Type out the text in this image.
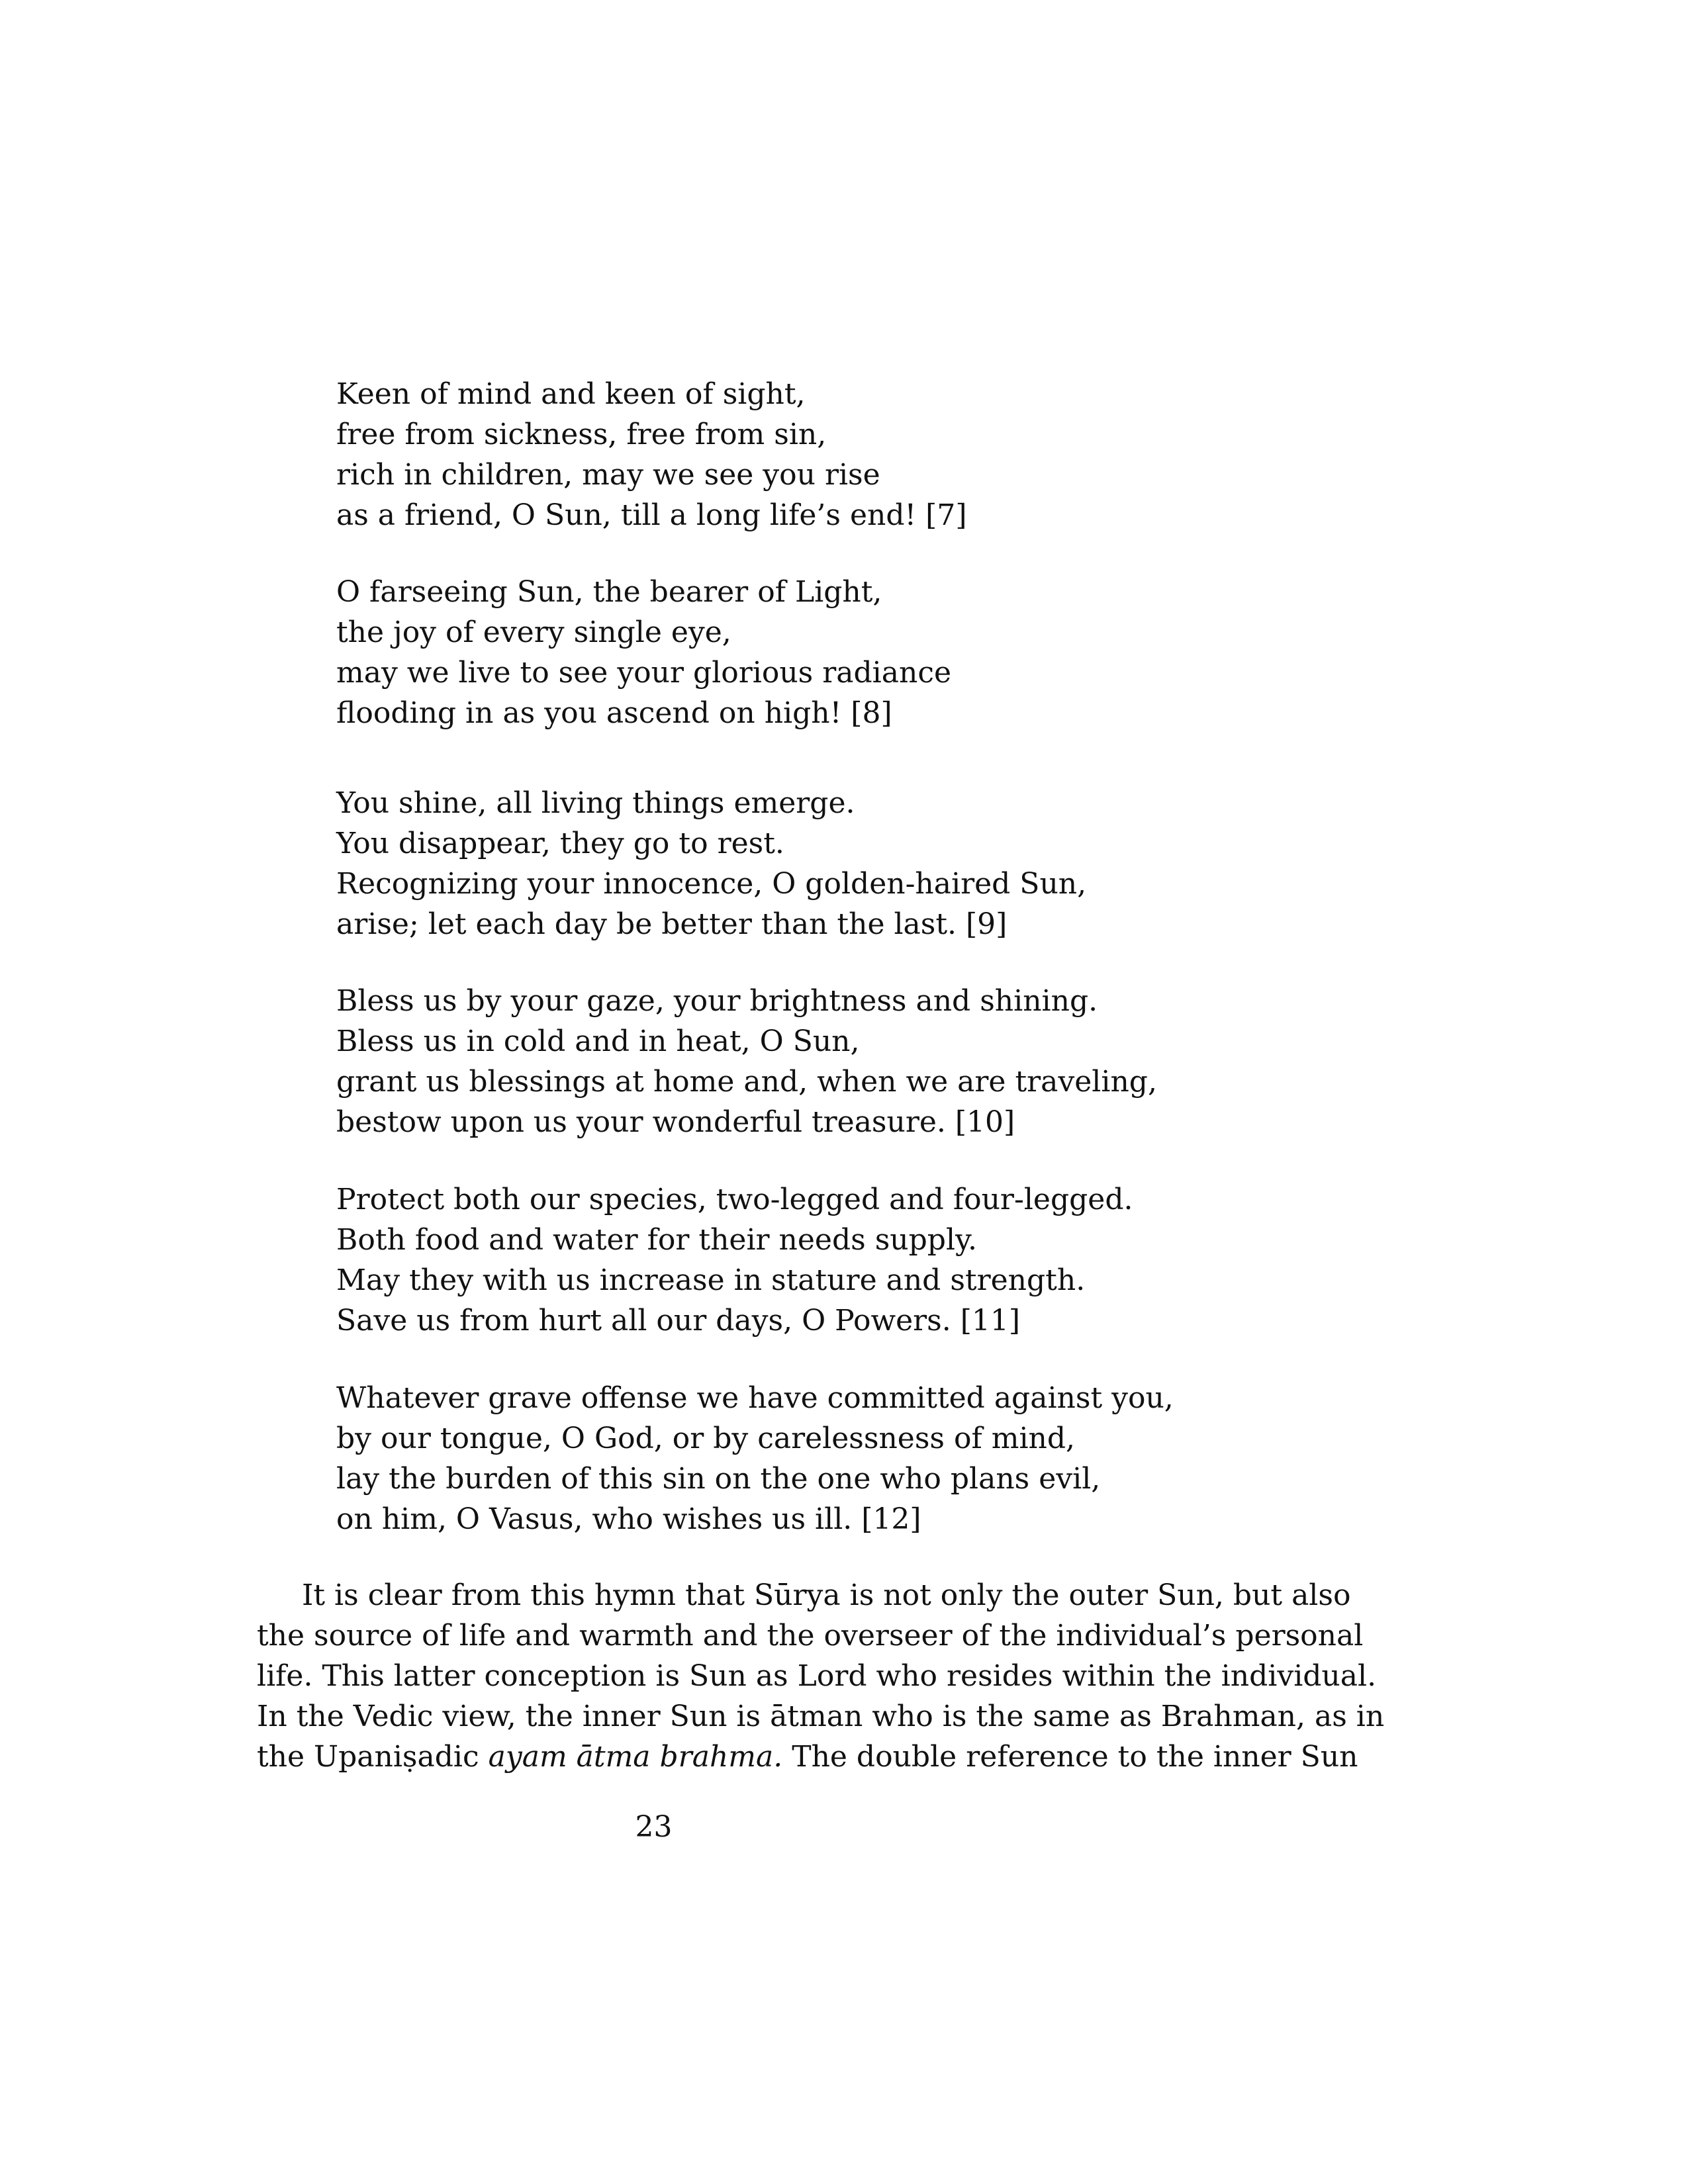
Keen of mind and keen of sight,
free from sickness, free from sin,
rich in children, may we see you rise
as a friend, O Sun, till a long life’s end! [7]
O farseeing Sun, the bearer of Light,
the joy of every single eye,
may we live to see your glorious radiance
flooding in as you ascend on high! [8]
You shine, all living things emerge.
You disappear, they go to rest.
Recognizing your innocence, O golden-haired Sun,
arise; let each day be better than the last. [9]
Bless us by your gaze, your brightness and shining.
Bless us in cold and in heat, O Sun,
grant us blessings at home and, when we are traveling,
bestow upon us your wonderful treasure. [10]
Protect both our species, two-legged and four-legged.
Both food and water for their needs supply.
May they with us increase in stature and strength.
Save us from hurt all our days, O Powers. [11]
Whatever grave offense we have committed against you,
by our tongue, O God, or by carelessness of mind,
lay the burden of this sin on the one who plans evil,
on him, O Vasus, who wishes us ill. [12]
It is clear from this hymn that Sūrya is not only the outer Sun, but also
the source of life and warmth and the overseer of the individual’s personal
life. This latter conception is Sun as Lord who resides within the individual.
In the Vedic view, the inner Sun is ātman who is the same as Brahman, as in
the Upaniṣadic ayam ātma brahma. The double reference to the inner Sun
23
